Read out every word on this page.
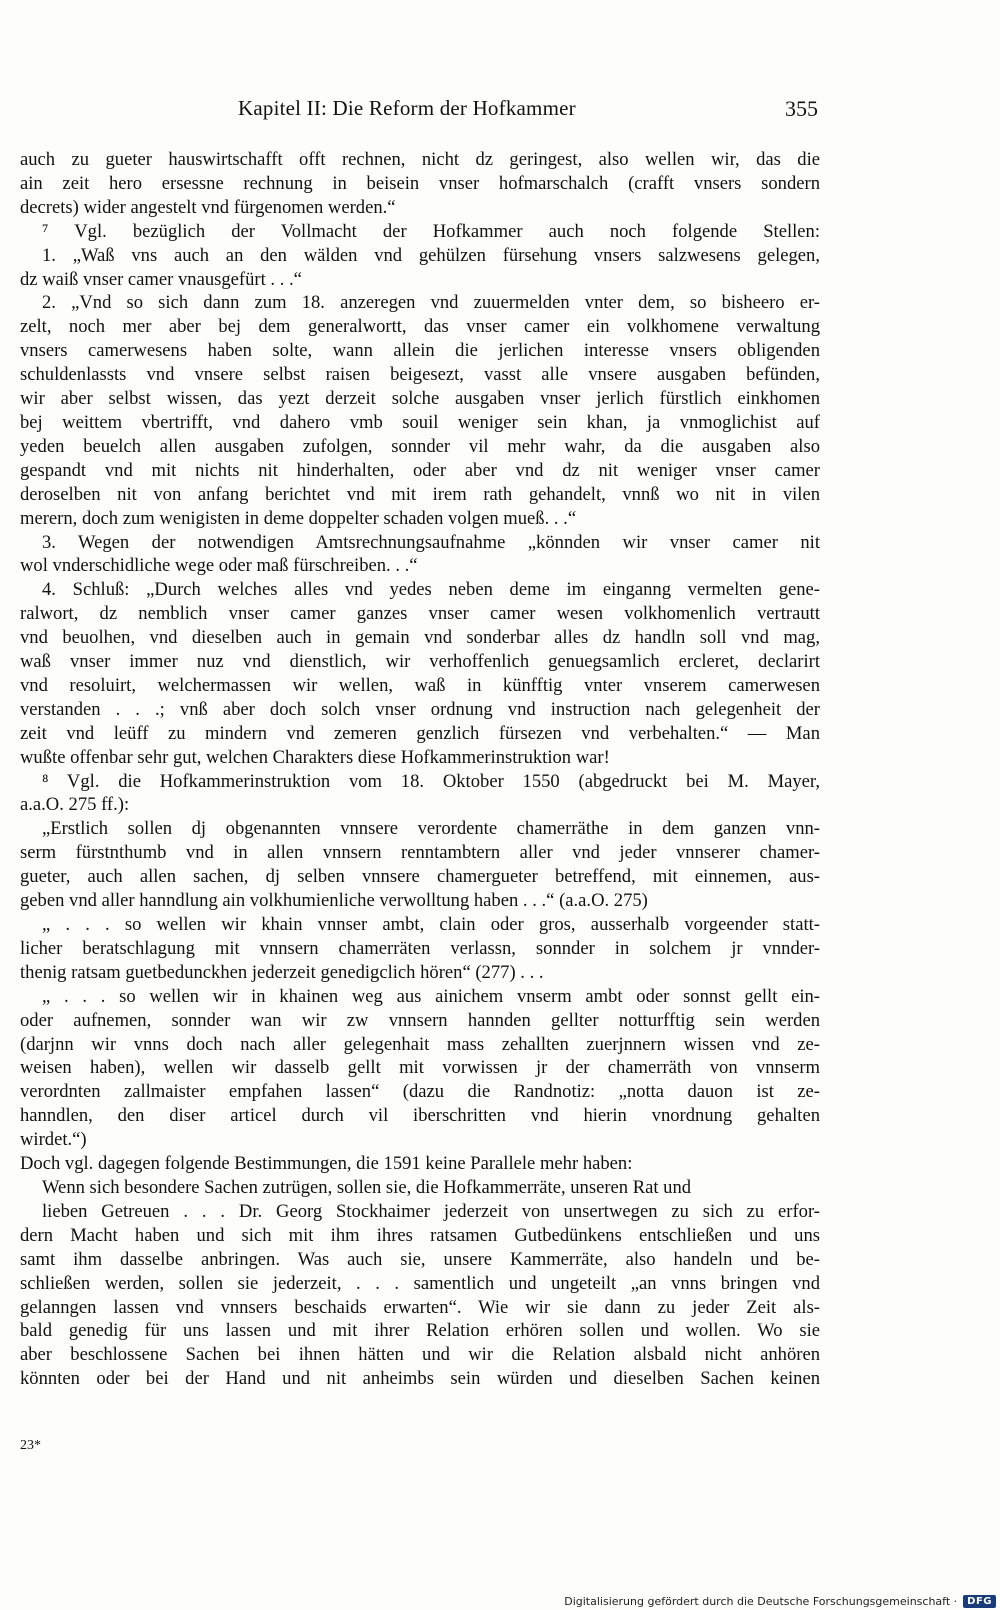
Kapitel II: Die Reform der Hofkammer	355
auch zu gueter hauswirtschafft offt rechnen, nicht dz geringest, also wellen wir, das die
ain zeit hero ersessne rechnung in beisein vnser hofmarschalch (crafft vnsers sondern
decrets) wider angestelt vnd fürgenomen werden.“
⁷ Vgl. bezüglich der Vollmacht der Hofkammer auch noch folgende Stellen:
1. „Waß vns auch an den wälden vnd gehülzen fürsehung vnsers salzwesens gelegen,
dz waiß vnser camer vnausgefürt . . .“
2. „Vnd so sich dann zum 18. anzeregen vnd zuuermelden vnter dem, so bisheero er-
zelt, noch mer aber bej dem generalwortt, das vnser camer ein volkhomene verwaltung
vnsers camerwesens haben solte, wann allein die jerlichen interesse vnsers obligenden
schuldenlassts vnd vnsere selbst raisen beigesezt, vasst alle vnsere ausgaben befünden,
wir aber selbst wissen, das yezt derzeit solche ausgaben vnser jerlich fürstlich einkhomen
bej weittem vbertrifft, vnd dahero vmb souil weniger sein khan, ja vnmoglichist auf
yeden beuelch allen ausgaben zufolgen, sonnder vil mehr wahr, da die ausgaben also
gespandt vnd mit nichts nit hinderhalten, oder aber vnd dz nit weniger vnser camer
deroselben nit von anfang berichtet vnd mit irem rath gehandelt, vnnß wo nit in vilen
merern, doch zum wenigisten in deme doppelter schaden volgen mueß. . .“
3. Wegen der notwendigen Amtsrechnungsaufnahme „könnden wir vnser camer nit
wol vnderschidliche wege oder maß fürschreiben. . .“
4. Schluß: „Durch welches alles vnd yedes neben deme im einganng vermelten gene-
ralwort, dz nemblich vnser camer ganzes vnser camer wesen volkhomenlich vertrautt
vnd beuolhen, vnd dieselben auch in gemain vnd sonderbar alles dz handln soll vnd mag,
waß vnser immer nuz vnd dienstlich, wir verhoffenlich genuegsamlich ercleret, declarirt
vnd resoluirt, welchermassen wir wellen, waß in künfftig vnter vnserem camerwesen
verstanden . . .; vnß aber doch solch vnser ordnung vnd instruction nach gelegenheit der
zeit vnd leüff zu mindern vnd zemeren genzlich fürsezen vnd verbehalten.“ — Man
wußte offenbar sehr gut, welchen Charakters diese Hofkammerinstruktion war!
⁸ Vgl. die Hofkammerinstruktion vom 18. Oktober 1550 (abgedruckt bei M. Mayer,
a.a.O. 275 ff.):
„Erstlich sollen dj obgenannten vnnsere verordente chamerräthe in dem ganzen vnn-
serm fürstnthumb vnd in allen vnnsern renntambtern aller vnd jeder vnnserer chamer-
gueter, auch allen sachen, dj selben vnnsere chamergueter betreffend, mit einnemen, aus-
geben vnd aller hanndlung ain volkhumienliche verwolltung haben . . .“ (a.a.O. 275)
„ . . . so wellen wir khain vnnser ambt, clain oder gros, ausserhalb vorgeender statt-
licher beratschlagung mit vnnsern chamerräten verlassn, sonnder in solchem jr vnnder-
thenig ratsam guetbedunckhen jederzeit genedigclich hören“ (277) . . .
„ . . . so wellen wir in khainen weg aus ainichem vnserm ambt oder sonnst gellt ein-
oder aufnemen, sonnder wan wir zw vnnsern hannden gellter notturfftig sein werden
(darjnn wir vnns doch nach aller gelegenhait mass zehallten zuerjnnern wissen vnd ze-
weisen haben), wellen wir dasselb gellt mit vorwissen jr der chamerräth von vnnserm
verordnten zallmaister empfahen lassen“ (dazu die Randnotiz: „notta dauon ist ze-
hanndlen, den diser articel durch vil iberschritten vnd hierin vnordnung gehalten
wirdet.“)
Doch vgl. dagegen folgende Bestimmungen, die 1591 keine Parallele mehr haben:
Wenn sich besondere Sachen zutrügen, sollen sie, die Hofkammerräte, unseren Rat und
lieben Getreuen . . . Dr. Georg Stockhaimer jederzeit von unsertwegen zu sich zu erfor-
dern Macht haben und sich mit ihm ihres ratsamen Gutbedünkens entschließen und uns
samt ihm dasselbe anbringen. Was auch sie, unsere Kammerräte, also handeln und be-
schließen werden, sollen sie jederzeit, . . . samentlich und ungeteilt „an vnns bringen vnd
gelanngen lassen vnd vnnsers beschaids erwarten“. Wie wir sie dann zu jeder Zeit als-
bald genedig für uns lassen und mit ihrer Relation erhören sollen und wollen. Wo sie
aber beschlossene Sachen bei ihnen hätten und wir die Relation alsbald nicht anhören
könnten oder bei der Hand und nit anheimbs sein würden und dieselben Sachen keinen
23*
Digitalisierung gefördert durch die Deutsche Forschungsgemeinschaft ·	DFG
